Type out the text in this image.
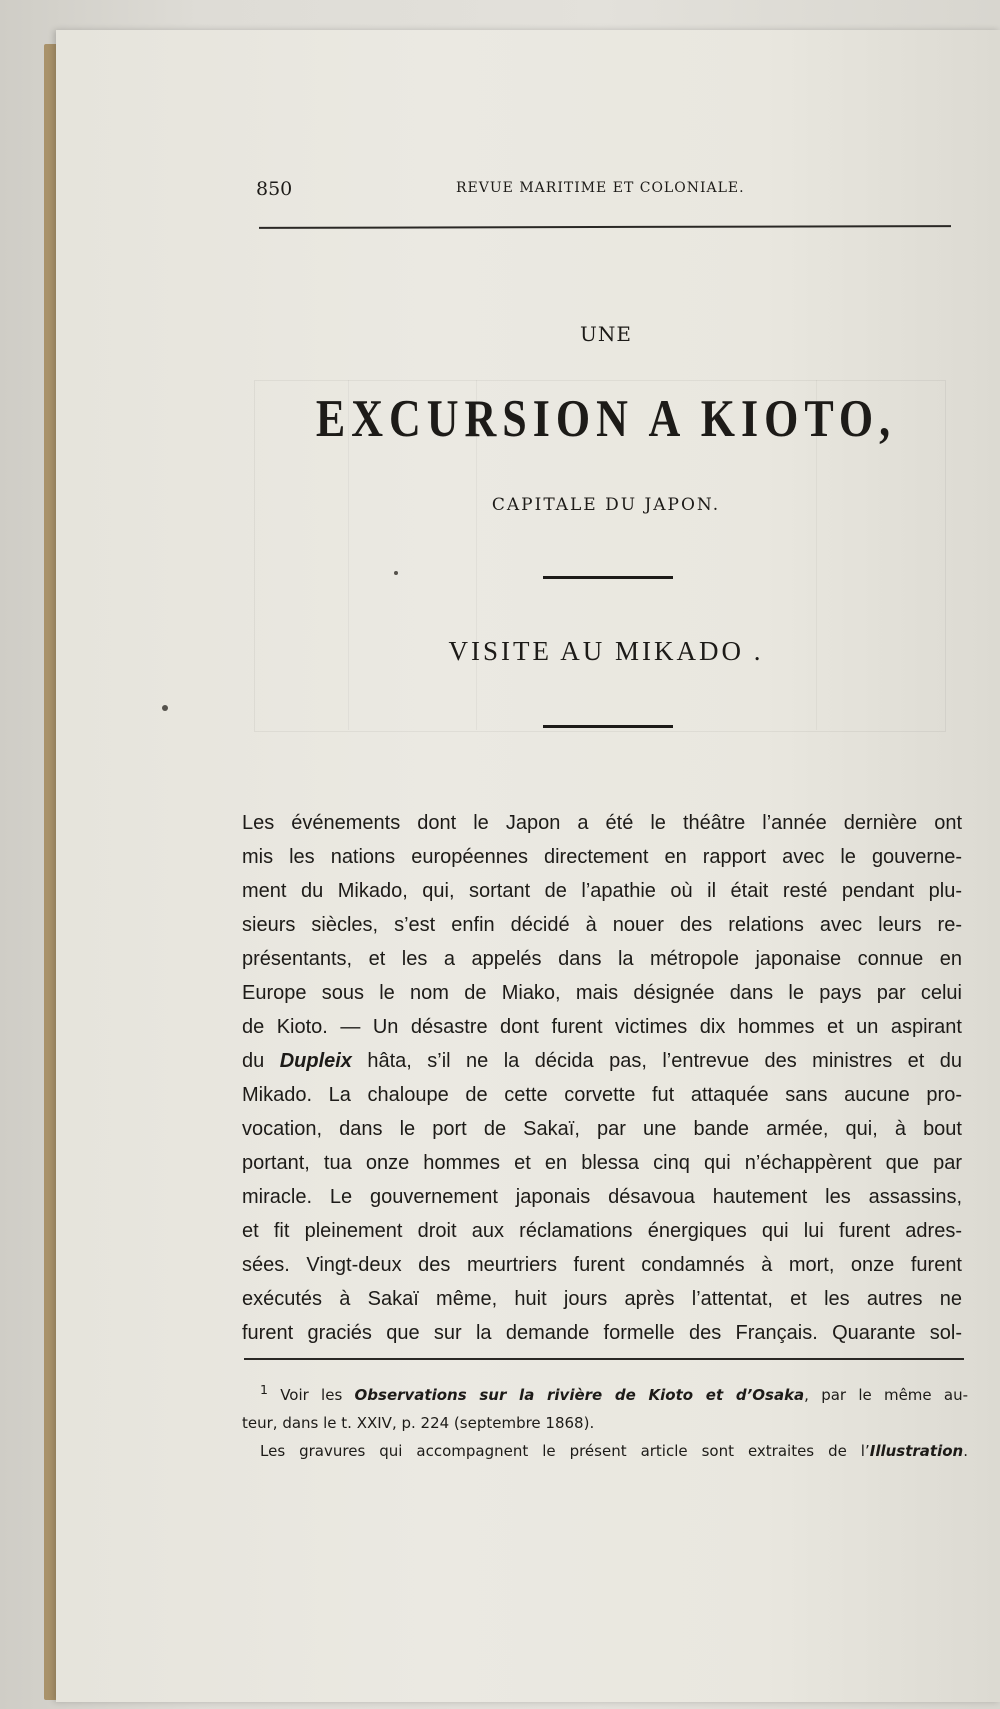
850	REVUE MARITIME ET COLONIALE.
UNE
EXCURSION A KIOTO,
CAPITALE DU JAPON.
VISITE AU MIKADO .
Les événements dont le Japon a été le théâtre l’année dernière ont
mis les nations européennes directement en rapport avec le gouverne-
ment du Mikado, qui, sortant de l’apathie où il était resté pendant plu-
sieurs siècles, s’est enfin décidé à nouer des relations avec leurs re-
présentants, et les a appelés dans la métropole japonaise connue en
Europe sous le nom de Miako, mais désignée dans le pays par celui
de Kioto. — Un désastre dont furent victimes dix hommes et un aspirant
du Dupleix hâta, s’il ne la décida pas, l’entrevue des ministres et du
Mikado. La chaloupe de cette corvette fut attaquée sans aucune pro-
vocation, dans le port de Sakaï, par une bande armée, qui, à bout
portant, tua onze hommes et en blessa cinq qui n’échappèrent que par
miracle. Le gouvernement japonais désavoua hautement les assassins,
et fit pleinement droit aux réclamations énergiques qui lui furent adres-
sées. Vingt-deux des meurtriers furent condamnés à mort, onze furent
exécutés à Sakaï même, huit jours après l’attentat, et les autres ne
furent graciés que sur la demande formelle des Français. Quarante sol-
$^1$ Voir les Observations sur la rivière de Kioto et d’Osaka, par le même au-
teur, dans le t. XXIV, p. 224 (septembre 1868).
Les gravures qui accompagnent le présent article sont extraites de l’Illustration.
